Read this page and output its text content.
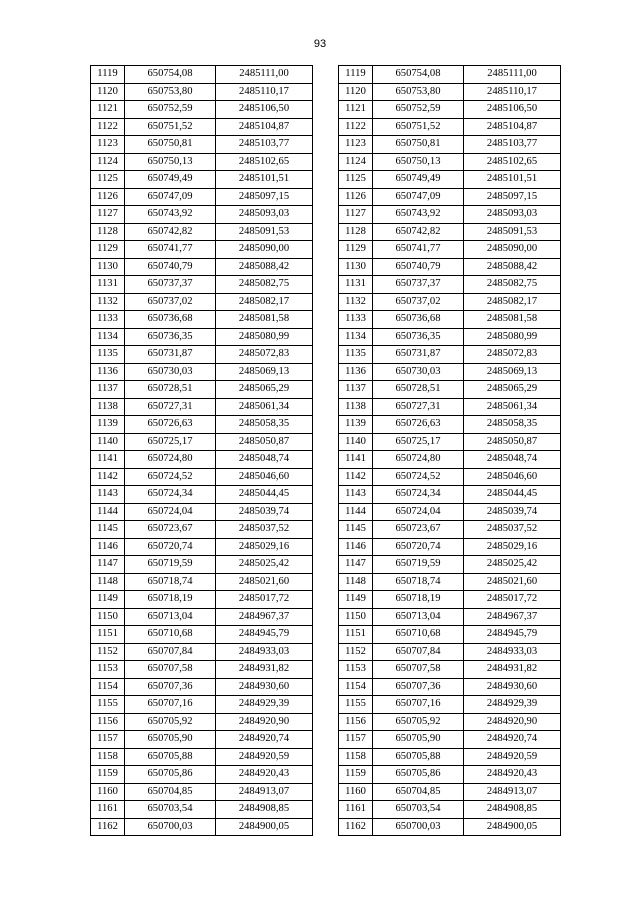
93
1119	650754,08	2485111,00
1120	650753,80	2485110,17
1121	650752,59	2485106,50
1122	650751,52	2485104,87
1123	650750,81	2485103,77
1124	650750,13	2485102,65
1125	650749,49	2485101,51
1126	650747,09	2485097,15
1127	650743,92	2485093,03
1128	650742,82	2485091,53
1129	650741,77	2485090,00
1130	650740,79	2485088,42
1131	650737,37	2485082,75
1132	650737,02	2485082,17
1133	650736,68	2485081,58
1134	650736,35	2485080,99
1135	650731,87	2485072,83
1136	650730,03	2485069,13
1137	650728,51	2485065,29
1138	650727,31	2485061,34
1139	650726,63	2485058,35
1140	650725,17	2485050,87
1141	650724,80	2485048,74
1142	650724,52	2485046,60
1143	650724,34	2485044,45
1144	650724,04	2485039,74
1145	650723,67	2485037,52
1146	650720,74	2485029,16
1147	650719,59	2485025,42
1148	650718,74	2485021,60
1149	650718,19	2485017,72
1150	650713,04	2484967,37
1151	650710,68	2484945,79
1152	650707,84	2484933,03
1153	650707,58	2484931,82
1154	650707,36	2484930,60
1155	650707,16	2484929,39
1156	650705,92	2484920,90
1157	650705,90	2484920,74
1158	650705,88	2484920,59
1159	650705,86	2484920,43
1160	650704,85	2484913,07
1161	650703,54	2484908,85
1162	650700,03	2484900,05
1119	650754,08	2485111,00
1120	650753,80	2485110,17
1121	650752,59	2485106,50
1122	650751,52	2485104,87
1123	650750,81	2485103,77
1124	650750,13	2485102,65
1125	650749,49	2485101,51
1126	650747,09	2485097,15
1127	650743,92	2485093,03
1128	650742,82	2485091,53
1129	650741,77	2485090,00
1130	650740,79	2485088,42
1131	650737,37	2485082,75
1132	650737,02	2485082,17
1133	650736,68	2485081,58
1134	650736,35	2485080,99
1135	650731,87	2485072,83
1136	650730,03	2485069,13
1137	650728,51	2485065,29
1138	650727,31	2485061,34
1139	650726,63	2485058,35
1140	650725,17	2485050,87
1141	650724,80	2485048,74
1142	650724,52	2485046,60
1143	650724,34	2485044,45
1144	650724,04	2485039,74
1145	650723,67	2485037,52
1146	650720,74	2485029,16
1147	650719,59	2485025,42
1148	650718,74	2485021,60
1149	650718,19	2485017,72
1150	650713,04	2484967,37
1151	650710,68	2484945,79
1152	650707,84	2484933,03
1153	650707,58	2484931,82
1154	650707,36	2484930,60
1155	650707,16	2484929,39
1156	650705,92	2484920,90
1157	650705,90	2484920,74
1158	650705,88	2484920,59
1159	650705,86	2484920,43
1160	650704,85	2484913,07
1161	650703,54	2484908,85
1162	650700,03	2484900,05
